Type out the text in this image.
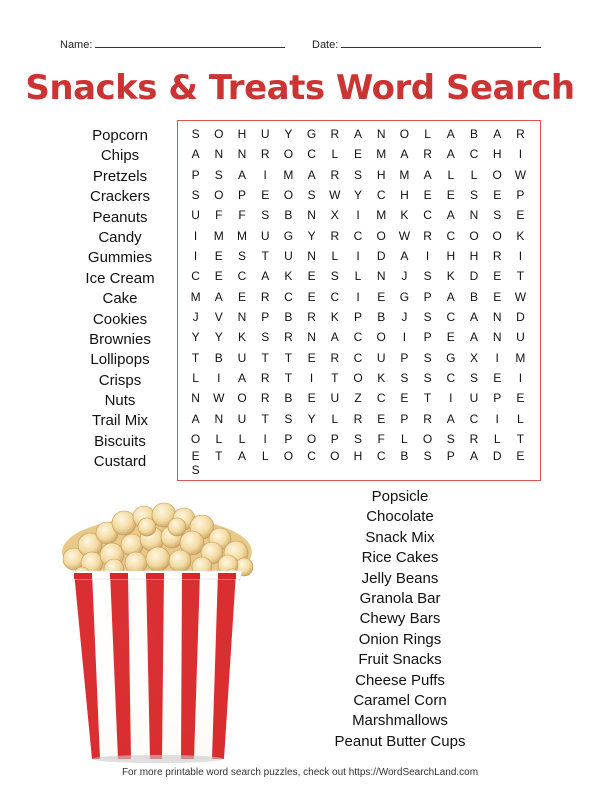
Name:	Date:
Snacks & Treats Word Search
Popcorn
Chips
Pretzels
Crackers
Peanuts
Candy
Gummies
Ice Cream
Cake
Cookies
Brownies
Lollipops
Crisps
Nuts
Trail Mix
Biscuits
Custard
S	O	H	U	Y	G	R	A	N	O	L	A	B	A	R
A	N	N	R	O	C	L	E	M	A	R	A	C	H	I
P	S	A	I	M	A	R	S	H	M	A	L	L	O	W
S	O	P	E	O	S	W	Y	C	H	E	E	S	E	P
U	F	F	S	B	N	X	I	M	K	C	A	N	S	E
I	M	M	U	G	Y	R	C	O	W	R	C	O	O	K
I	E	S	T	U	N	L	I	D	A	I	H	H	R	I
C	E	C	A	K	E	S	L	N	J	S	K	D	E	T
M	A	E	R	C	E	C	I	E	G	P	A	B	E	W
J	V	N	P	B	R	K	P	B	J	S	C	A	N	D
Y	Y	K	S	R	N	A	C	O	I	P	E	A	N	U
T	B	U	T	T	E	R	C	U	P	S	G	X	I	M
L	I	A	R	T	I	T	O	K	S	S	C	S	E	I
N	W	O	R	B	E	U	Z	C	E	T	I	U	P	E
A	N	U	T	S	Y	L	R	E	P	R	A	C	I	L
O	L	L	I	P	O	P	S	F	L	O	S	R	L	T
E	T	A	L	O	C	O	H	C	B	S	P	A	D	E
S
Popsicle
Chocolate
Snack Mix
Rice Cakes
Jelly Beans
Granola Bar
Chewy Bars
Onion Rings
Fruit Snacks
Cheese Puffs
Caramel Corn
Marshmallows
Peanut Butter Cups

For more printable word search puzzles, check out https://WordSearchLand.com
